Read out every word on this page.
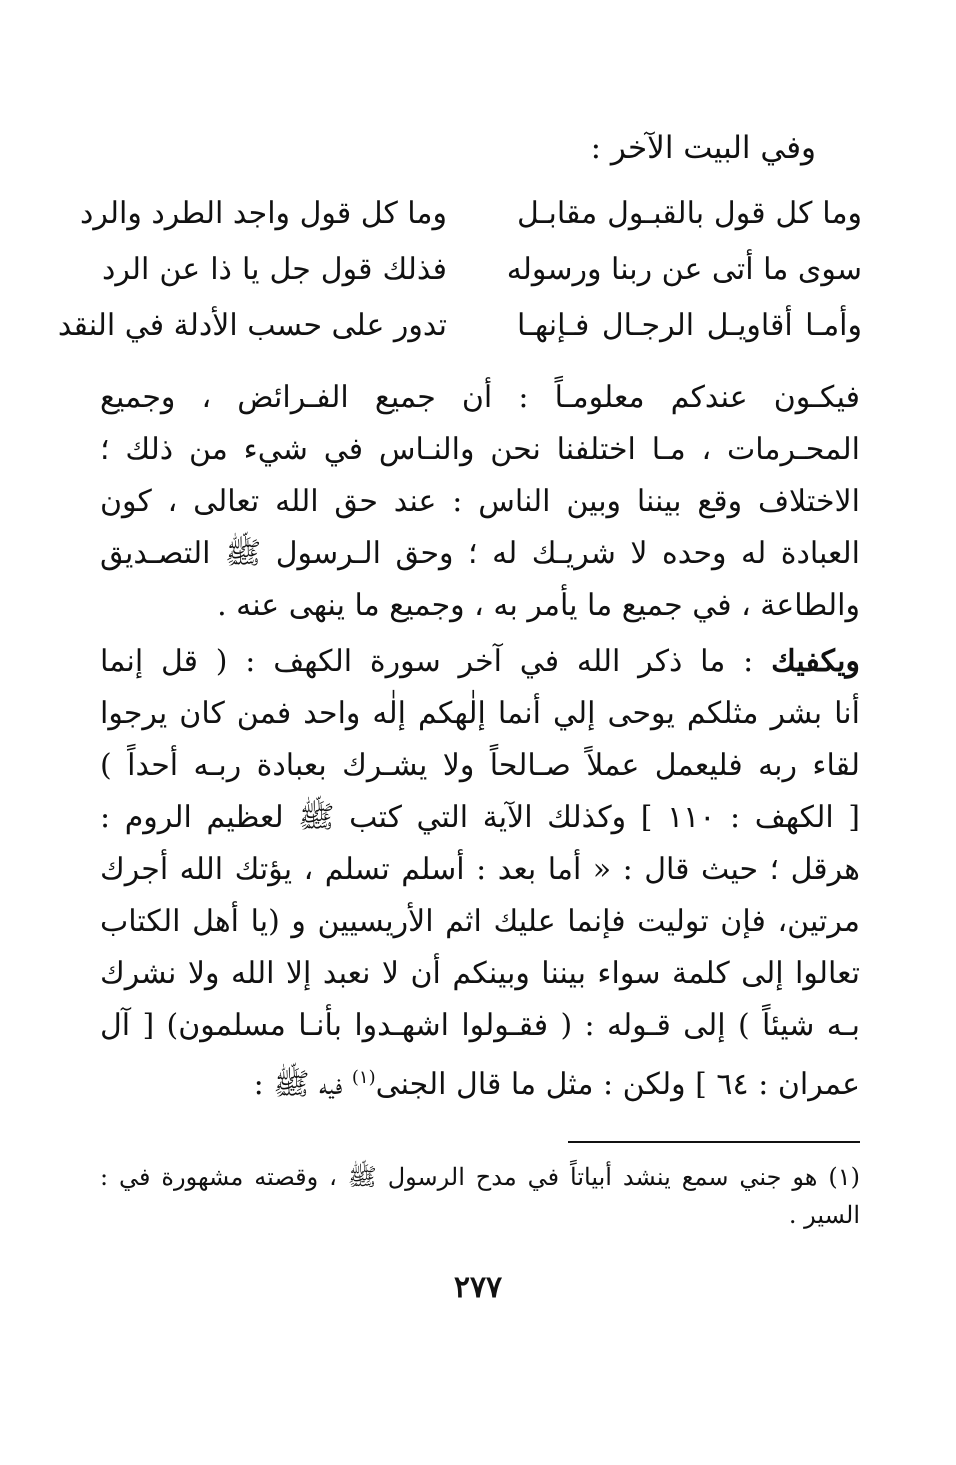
وفي البيت الآخر :
وما كل قول بالقبـول مقابـل
وما كل قول واجد الطرد والرد
سوى ما أتى عن ربنا ورسوله
فذلك قول جل يا ذا عن الرد
وأمـا أقاويـل الرجـال فـإنهـا
تدور على حسب الأدلة في النقد
فيكـون عندكم معلومـاً : أن جميع الفـرائض ، وجميع
المحـرمات ، مـا اختلفنا نحن والنـاس في شيء من ذلك ؛
الاختلاف وقع بيننا وبين الناس : عند حق الله تعالى ، كون
العبادة له وحده لا شريـك له ؛ وحق الـرسول ﷺ التصـديق
والطاعة ، في جميع ما يأمر به ، وجميع ما ينهى عنه .
ويكفيك : ما ذكر الله في آخر سورة الكهف : ( قل إنما
أنا بشر مثلكم يوحى إلي أنما إلٰهكم إلٰه واحد فمن كان يرجوا
لقاء ربه فليعمل عملاً صـالحاً ولا يشـرك بعبادة ربـه أحداً )
[ الكهف : ١١٠ ] وكذلك الآية التي كتب ﷺ لعظيم الروم :
هرقل ؛ حيث قال : « أما بعد : أسلم تسلم ، يؤتك الله أجرك
مرتين، فإن توليت فإنما عليك اثم الأريسيين و (يا أهل الكتاب
تعالوا إلى كلمة سواء بيننا وبينكم أن لا نعبد إلا الله ولا نشرك
بـه شيئاً ) إلى قـوله : ( فقـولوا اشهـدوا بأنـا مسلمون) [ آل
عمران : ٦٤ ] ولكن : مثل ما قال الجنى$^{(١)}$ فيه ﷺ :
(١) هو جني سمع ينشد أبياتاً في مدح الرسول ﷺ ، وقصته مشهورة في :
السير .
٢٧٧
